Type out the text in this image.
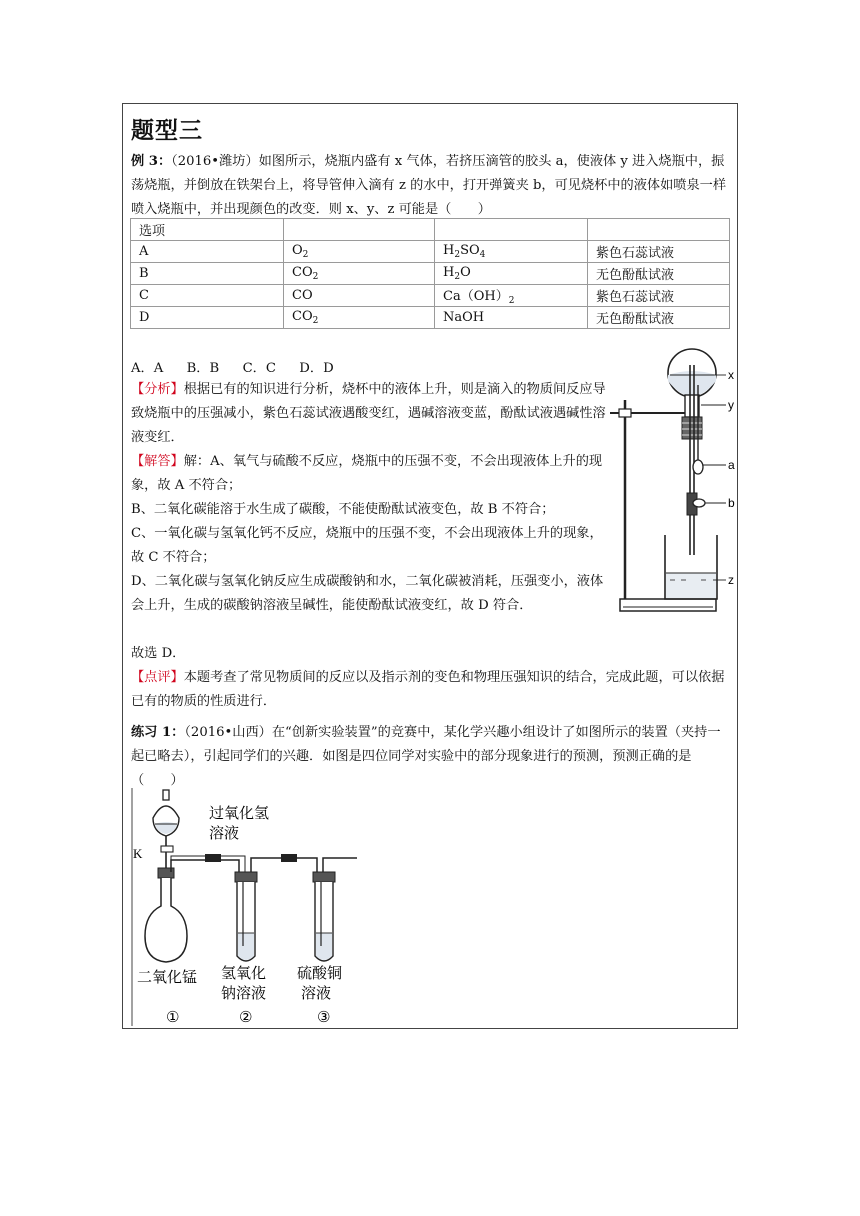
题型三
例 3：（2016•潍坊）如图所示，烧瓶内盛有 x 气体，若挤压滴管的胶头 a，使液体 y 进入烧瓶中，振荡烧瓶，并倒放在铁架台上，将导管伸入滴有 z 的水中，打开弹簧夹 b，可见烧杯中的液体如喷泉一样喷入烧瓶中，并出现颜色的改变．则 x、y、z 可能是（　　）
选项			
A	$O_2$	$H_2SO_4$	紫色石蕊试液
B	$CO_2$	$H_2O$	无色酚酞试液
C	CO	$Ca(OH)_2$	紫色石蕊试液
D	$CO_2$	NaOH	无色酚酞试液
A．A　 B．B　 C．C　 D．D
【分析】根据已有的知识进行分析，烧杯中的液体上升，则是滴入的物质间反应导致烧瓶中的压强减小，紫色石蕊试液遇酸变红，遇碱溶液变蓝，酚酞试液遇碱性溶液变红．
【解答】解：A、氧气与硫酸不反应，烧瓶中的压强不变，不会出现液体上升的现象，故 A 不符合；
B、二氧化碳能溶于水生成了碳酸，不能使酚酞试液变色，故 B 不符合；
C、一氧化碳与氢氧化钙不反应，烧瓶中的压强不变，不会出现液体上升的现象，故 C 不符合；
D、二氧化碳与氢氧化钠反应生成碳酸钠和水，二氧化碳被消耗，压强变小，液体会上升，生成的碳酸钠溶液呈碱性，能使酚酞试液变红，故 D 符合．
故选 D．
【点评】本题考查了常见物质间的反应以及指示剂的变色和物理压强知识的结合，完成此题，可以依据已有的物质的性质进行．
练习 1：（2016•山西）在“创新实验装置”的竞赛中，某化学兴趣小组设计了如图所示的装置（夹持一起已略去），引起同学们的兴趣．如图是四位同学对实验中的部分现象进行的预测，预测正确的是（　　）
x
y
a
b
z
过氧化氢
溶液
K
二氧化锰 氢氧化
钠溶液
硫酸铜
溶液
①	②	③
